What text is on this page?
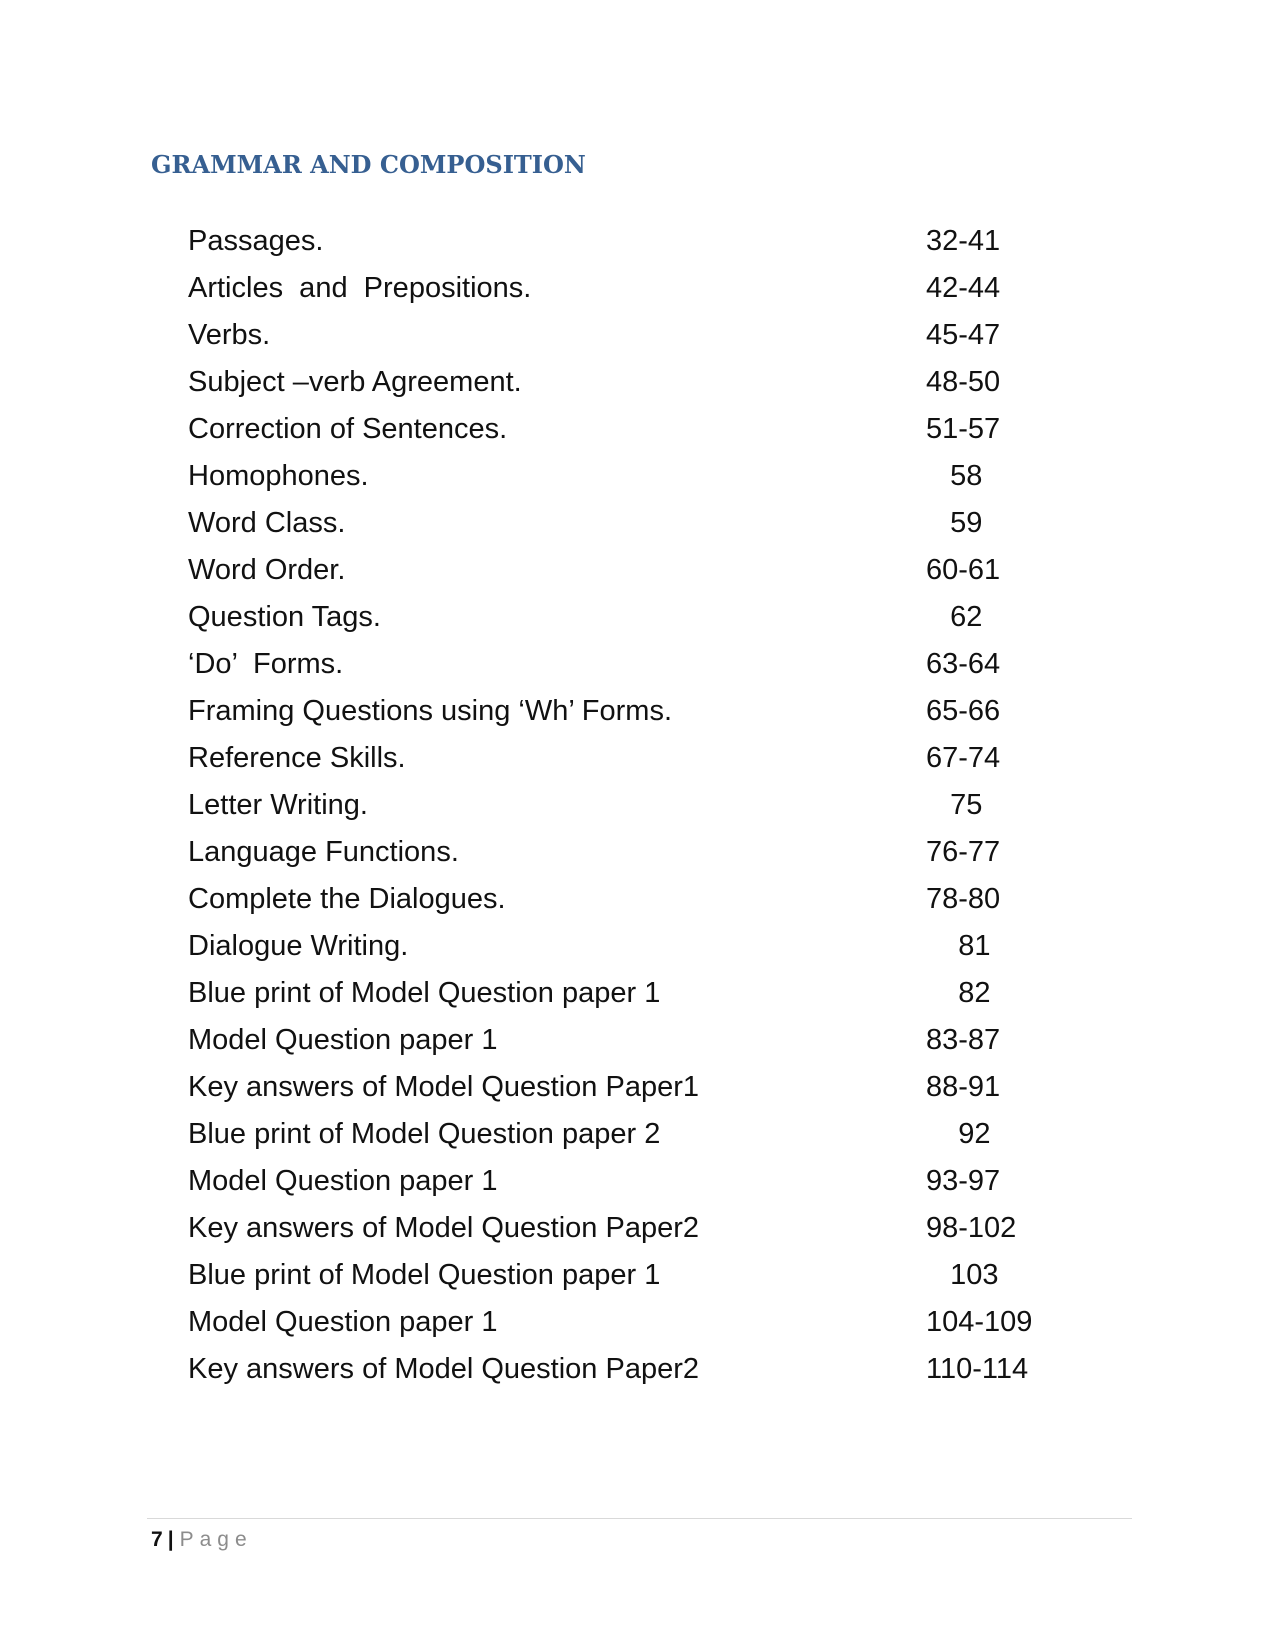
GRAMMAR AND COMPOSITION
Passages.	32-41
Articles  and  Prepositions.	42-44
Verbs.	45-47
Subject –verb Agreement.	48-50
Correction of Sentences.	51-57
Homophones.	58
Word Class.	59
Word Order.	60-61
Question Tags.	62
‘Do’  Forms.	63-64
Framing Questions using ‘Wh’ Forms.	65-66
Reference Skills.	67-74
Letter Writing.	75
Language Functions.	76-77
Complete the Dialogues.	78-80
Dialogue Writing.	81
Blue print of Model Question paper 1	82
Model Question paper 1	83-87
Key answers of Model Question Paper1	88-91
Blue print of Model Question paper 2	92
Model Question paper 1	93-97
Key answers of Model Question Paper2	98-102
Blue print of Model Question paper 1	103
Model Question paper 1	104-109
Key answers of Model Question Paper2	110-114
7 | Page
